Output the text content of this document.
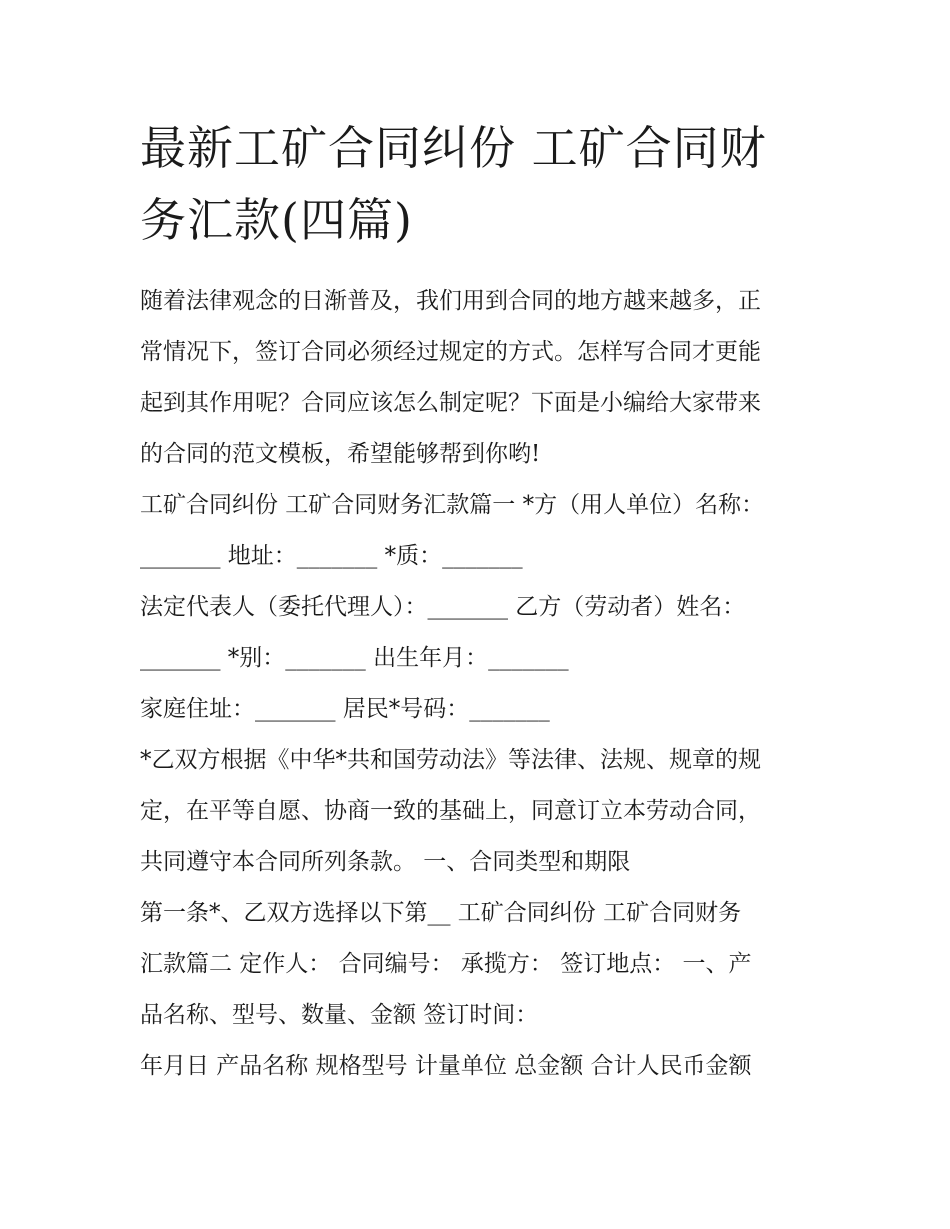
最新工矿合同纠份 工矿合同财
务汇款(四篇)
随着法律观念的日渐普及，我们用到合同的地方越来越多，正
常情况下，签订合同必须经过规定的方式。怎样写合同才更能
起到其作用呢？合同应该怎么制定呢？下面是小编给大家带来
的合同的范文模板，希望能够帮到你哟!
工矿合同纠份 工矿合同财务汇款篇一 *方（用人单位）名称：
_______ 地址：_______ *质：_______
法定代表人（委托代理人）：_______ 乙方（劳动者）姓名：
_______ *别：_______ 出生年月：_______
家庭住址：_______ 居民*号码：_______
*乙双方根据《中华*共和国劳动法》等法律、法规、规章的规
定，在平等自愿、协商一致的基础上，同意订立本劳动合同，
共同遵守本合同所列条款。 一、合同类型和期限
第一条*、乙双方选择以下第__ 工矿合同纠份 工矿合同财务
汇款篇二 定作人： 合同编号： 承揽方： 签订地点： 一、产
品名称、型号、数量、金额 签订时间：
年月日 产品名称 规格型号 计量单位 总金额 合计人民币金额
